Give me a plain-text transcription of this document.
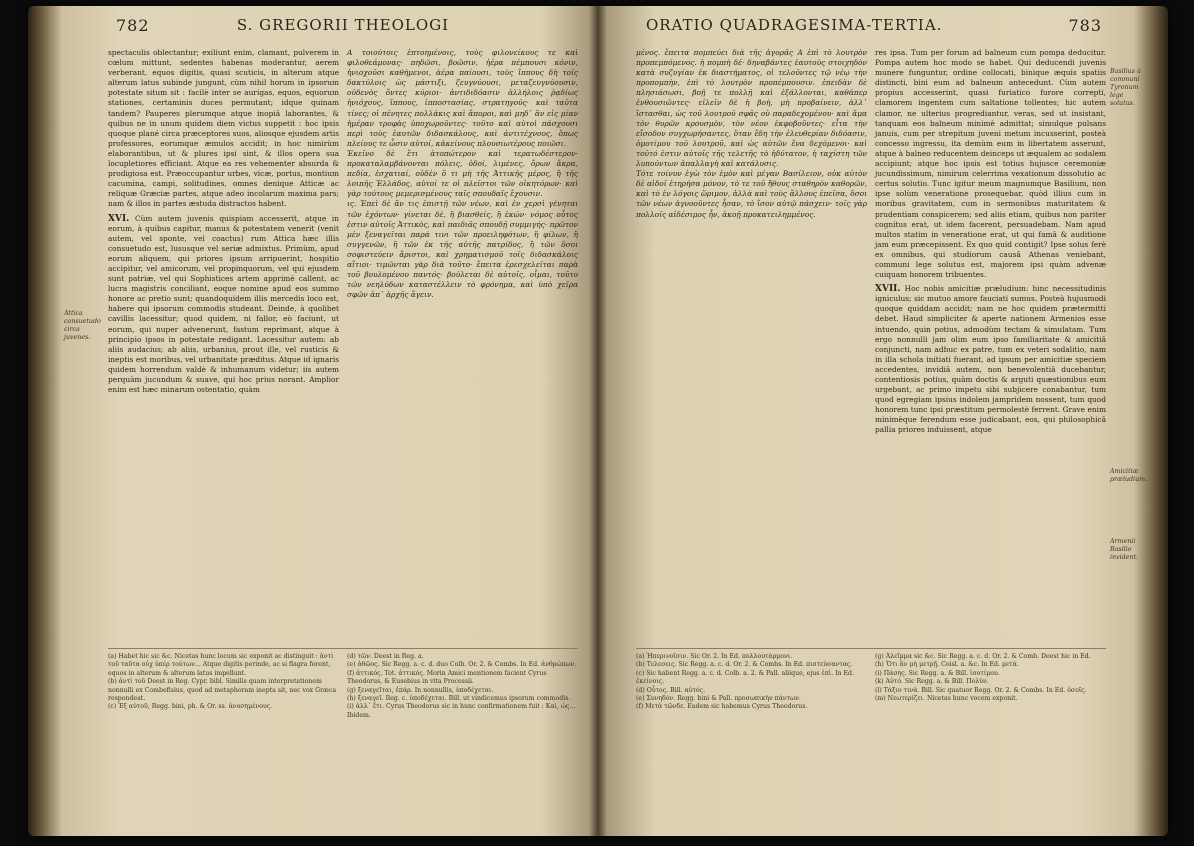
782	S. GREGORII THEOLOGI

spectaculis oblectantur; exiliunt enim, clamant, pulverem in cœlum mittunt, sedentes habenas moderantur, aerem verberant, equos digitis, quasi scuticis, in alterum atque alterum latus subinde jungunt, cùm nihil horum in ipsorum potestate situm sit : facilè inter se aurigas, equos, equorum stationes, certaminis duces permutant; idque quinam tandem? Pauperes plerumque atque inopiâ laborantes, & quibus ne in unum quidem diem victus suppetit : hoc ipsis quoque plané circa præceptores suos, aliosque ejusdem artis professores, eorumque æmulos accidit; in hoc nimirùm elaborantibus, ut & plures ipsi sint, & illos opera sua locupletiores efficiant. Atque ea res vehementer absurda & prodigiosa est. Præoccupantur urbes, vicæ, portus, montium cacumina, campi, solitudines, omnes denique Atticæ ac reliquæ Græciæ partes, atque adeo incolarum maxima pars; nam & illos in partes æstuda distractos habent.

XVI. Cùm autem juvenis quispiam accesserit, atque in eorum, à quibus capitur, manus & potestatem venerit (venit autem, vel sponte, vel coactus) rum Attica hæc illis consuetudo est, lususque vel seriæ admixtus. Primùm, apud eorum aliquem, qui priores ipsum arripuerint, hospitio accipitur, vel amicorum, vel propinquorum, vel qui ejusdem sunt patriæ, vel qui Sophistices artem apprimè callent, ac lucra magistris conciliant, eoque nomine apud eos summo honore ac pretio sunt; quandoquidem illis mercedis loco est, habere qui ipsorum commodis studeant. Deinde, à quolibet cavillis lacessitur; quod quidem, ni fallor, eò faciunt, ut eorum, qui nuper advenerunt, fastum reprimant, atque à principio ipsos in potestate redigant. Lacessitur autem: ab aliis audacius; ab aliis, urbanius, prout ille, vel rusticis & ineptis est moribus, vel urbanitate præditus. Atque id ignaris quidem horrendum valdè & inhumanum videtur; iis autem perquàm jucundum & suave, qui hoc prius norant. Amplior enim est hæc minarum ostentatio, quàm

A τοιούτοις ἐπτοημένοις, τοὺς φιλονείκους τε καὶ φιλοθεάμονας· πηδῶσι, βοῶσιν, ἠέρα πέμπουσι κόνιν, ἡνιοχοῦσι καθήμενοι, ἀέρα παίουσι, τοὺς ἵππους δὴ τοῖς δακτύλοις ὡς μάστιξι, ζευγνύουσι, μεταζευγνύουσιν, οὐδενὸς ὄντες κύριοι· ἀντιδιδόασιν ἀλλήλοις ῥᾳδίως ἡνιόχους, ἵππους, ἱπποστασίας, στρατηγούς· καὶ ταῦτα τίνες; οἱ πένητες πολλάκις καὶ ἄποροι, καὶ μηδ᾽ ἂν εἰς μίαν ἡμέραν τροφὰς ὑποχωροῦντες· τοῦτο καὶ αὐτοὶ πάσχουσι περὶ τοὺς ἑαυτῶν διδασκάλους, καὶ ἀντιτέχνους, ὅπως πλείους τε ὦσιν αὐτοί, κἀκείνους πλουσιωτέρους ποιῶσι.

Ἐκεῖνο δὲ ἔτι ἀτοπώτερον καὶ τερατωδέστερον· προκαταλαμβάνονται πόλεις, ὁδοί, λιμένες, ὄρων ἄκρα, πεδία, ἐσχατιαί, οὐδὲν ὅ τι μὴ τῆς Ἀττικῆς μέρος, ἢ τῆς λοιπῆς Ἑλλάδος, αὐτοί τε οἱ πλεῖστοι τῶν οἰκητόρων· καὶ γὰρ τούτους μεμερισμένους ταῖς σπουδαῖς ἔχουσιν.

ις. Ἐπεὶ δὲ ἂν τις ἐπιστῇ τῶν νέων, καὶ ἐν χερσὶ γένηται τῶν ἐχόντων· γίνεται δὲ, ἢ βιασθείς, ἢ ἑκών· νόμος οὗτος ἐστιν αὐτοῖς Ἀττικὸς, καὶ παιδιᾶς σπουδῇ συμμιγής· πρῶτον μὲν ξεναγεῖται παρά τινι τῶν προειληφότων, ἢ φίλων, ἢ συγγενῶν, ἢ τῶν ἐκ τῆς αὐτῆς πατρίδος, ἢ τῶν ὅσοι σοφιστεύειν ἄριστοι, καὶ χρηματισμοῦ τοῖς διδασκάλοις αἴτιοι· τιμῶνται γὰρ διὰ τοῦτο· ἔπειτα ἐρεσχελεῖται παρὰ τοῦ βουλομένου παντός· βούλεται δὲ αὐτοῖς, οἶμαι, τοῦτο τῶν νεηλύδων καταστέλλειν τὸ φρόνημα, καὶ ὑπὸ χεῖρα σφῶν ἀπ᾽ ἀρχῆς ἄγειν.

Attica consuetudo circa juvenes.
(a) Habet hic sic &c. Nicetas hunc locum sic exponit ac distinguit : ἀντὶ τοῦ ταῦτα οὐχ ὑπὲρ τούτων... Atque digitis perinde, ac si flagra forent, equos in alterum & alterum latus impellunt.
(b) ἀντὶ τοῦ Deest in Reg. Cypr. bibl. Similis quam interpretationem nonnulli ex Combefisius, quod ad metaphoram inepta sit, nec vox Græca respondeat.
(c) Ἐξ αὐτοῦ, Regg. bini, ph. & Or. ss. ἀνοσημένους.
(d) τῶν. Deest in Reg. a.
(e) ἀθῶος. Sic Regg. a. c. d. duo Colb. Or. 2. & Combs. In Ed. ἀνθρώπων.
(f) ἀττικός. Tot. ἀττικός. Morin Amici mentionem facient Cyrus Theodorus, & Eusebius in vita Processii.
(g) ξεναγεῖται, ἐπάρ. In nonnullis, ὑποδέχεται.
(h) ξεναγεῖ. Reg. c. ὑποδέχεται. Bill. ut vindicemus ipsorum commodis.
(i) ἀλλ᾽ ἔτι. Cyrus Theodorus sic in hunc confirmationem fuit : Καὶ, ὡς... Ibidem.
ORATIO QUADRAGESIMA-TERTIA.	783

μένος. ἔπειτα πομπεύει διὰ τῆς ἀγορᾶς A ἐπὶ τὸ λουτρὸν προπεμπόμενος. ἡ πομπὴ δέ· δηναβάντες ἑαυτοὺς στοιχηδὸν κατὰ συζυγίαν ἐκ διαστήματος, οἱ τελοῦντες τῷ νέῳ τὴν προπομπὴν, ἐπὶ τὸ λουτρὸν προπέμπουσιν. ἐπειδὰν δὲ πλησιάσωσι, βοῇ τε πολλῇ καὶ ἐξάλλονται, καθάπερ ἐνθουσιῶντες· εἰλεῖν δὲ ἡ βοὴ, μὴ προβαίνειν, ἀλλ᾽ ἵστασθαι, ὡς τοῦ λουτροῦ σφᾶς οὐ παραδεχομένου· καὶ ἅμα τὸν θυρῶν κρουσμὸν, τὸν νέον ἐκφοβοῦντες· εἶτα τὴν εἴσοδον συγχωρήσαντες, ὅταν ἔδη τὴν ἐλευθερίαν διδόασιν, ὁμοτίμου τοῦ λουτροῦ, καὶ ὡς αὐτῶν ἕνα δεχόμενοι· καὶ τοῦτό ἐστιν αὐτοῖς τῆς τελετῆς τὸ ἡδύτατον, ἡ ταχίστη τῶν λυπούντων ἀπαλλαγὴ καὶ κατάλυσις.

Τότε τοίνυν ἐγὼ τὸν ἐμὸν καὶ μέγαν Βασίλειον, οὐκ αὐτὸν δὲ αἰδοῖ ἐτηρήσα μόνον, τὸ τε τοῦ ἤθους σταθηρὸν καθορῶν, καὶ τὸ ἐν λόγοις ὥριμον, ἀλλὰ καὶ τοὺς ἄλλους ἐπεῖσα, ὅσοι τῶν νέων ἀγνοοῦντες ἦσαν, τὸ ἴσον αὐτῷ πάσχειν· τοῖς γὰρ πολλοῖς αἰδέσιμος ἦν, ἀκοῇ προκατειλημμένος.

res ipsa. Tum per forum ad balneum cum pompa deducitur. Pompa autem hoc modo se habet. Qui deducendi juvenis munere funguntur, ordine collocati, binique æquis spatiis distincti, bini eum ad balneum antecedunt. Cùm autem propius accesserint, quasi furiatico furore correpti, clamorem ingentem cum saltatione tollentes; hic autem clamor, ne ulterius progrediantur, veras, sed ut insistant, tanquam eos balneum minimè admittat; simulque pulsans januis, cum per strepitum juveni metum incusserint, posteà concesso ingressu, ita demùm eum in libertatem asserunt, atque à balneo reducentem deinceps ut æqualem ac sodalem accipiunt; atque hoc ipsis est totius hujusce ceremoniæ jucundissimum, nimirum celerrima vexationum dissolutio ac certus solutio. Tunc igitur meum magnumque Basilium, non ipse solùm veneratione prosequebar, quòd illius cum in moribus gravitatem, cum in sermonibus maturitatem & prudentiam conspicerem; sed aliis etiam, quibus non pariter cognitus erat, ut idem facerent, persuadebam. Nam apud multos statim in veneratione erat, ut qui famâ & auditione jam eum præcepissent. Ex quo quid contigit? Ipse solus ferè ex omnibus, qui studiorum causâ Athenas veniebant, communi lege solutus est, majorem ipsi quàm advenæ cuiquam honorem tribuentes.

XVII. Hoc nobis amicitiæ præludium: hinc necessitudinis igniculus; sic mutuo amore fauciati sumus. Posteà hujusmodi quoque quiddam accidit; nam ne hoc quidem prætermitti debet. Haud simpliciter & aperte nationem Armenios esse intuendo, quin potius, admodùm tectam & simulatam. Tum ergo nonnulli jam olim eum ipso familiaritate & amicitiâ conjuncti, nam adhuc ex patre, tum ex veteri sodalitio, nam in illa schola initiati fuerant, ad ipsum per amicitiæ speciem accedentes, invidiâ autem, non benevolentiâ ducebantur, contentiosis potius, quàm doctis & arguti quæstionibus eum urgebant, ac primo impetu sibi subjicere conabantur, tum quod egregiam ipsius indolem jampridem nossent, tum quod honorem tunc ipsi præstitum permolestè ferrent. Grave enim minimèque ferendum esse judicabant, eos, qui philosophicâ pallia priores induissent, atque

Basilius à communi Tyronum lege solutus.
Amicitiæ præludium.
Armenii Basilio invident.
(a) Ἠπερινοῖσιν. Sic Or. 2. In Ed. πολλουτάρμονι.
(b) Τελεσεις. Sic Regg. a. c. d. Or. 2. & Combs. In Ed. πιστεύσαντας.
(c) Sic habent Regg. a. c. d. Colb. a. 2. & Pall. aliique, ejus ἐπὶ. In Ed. ἐκείνοις.
(d) Οὗτος. Bill. αὐτός.
(e) Συνηδὸν. Regg. bini & Pall. προσωπικὴν πάντων.
(f) Μετὰ τῶνδε. Eadem sic habemus Cyrus Theodorus.
(g) Ἀλεῖμμα sic &c. Sic Regg. a. c. d. Or. 2. & Comb. Deest hic in Ed.
(h) Ὅτι ἂν μὴ μετρῇ. Coisl. a. &c. In Ed. μετὰ.
(i) Πάσης. Sic Regg. a. & Bill. ἰσοτίμου.
(k) Αὐτό. Sic Regg. a. & Bill. Πολύν.
(l) Τάξιν τινὰ. Bill. Sic quatuor Regg. Or. 2. & Combs. In Ed. ὁσοῖς.
(m) Νεωτερίζει. Nicetas hunc vocem exponit.
